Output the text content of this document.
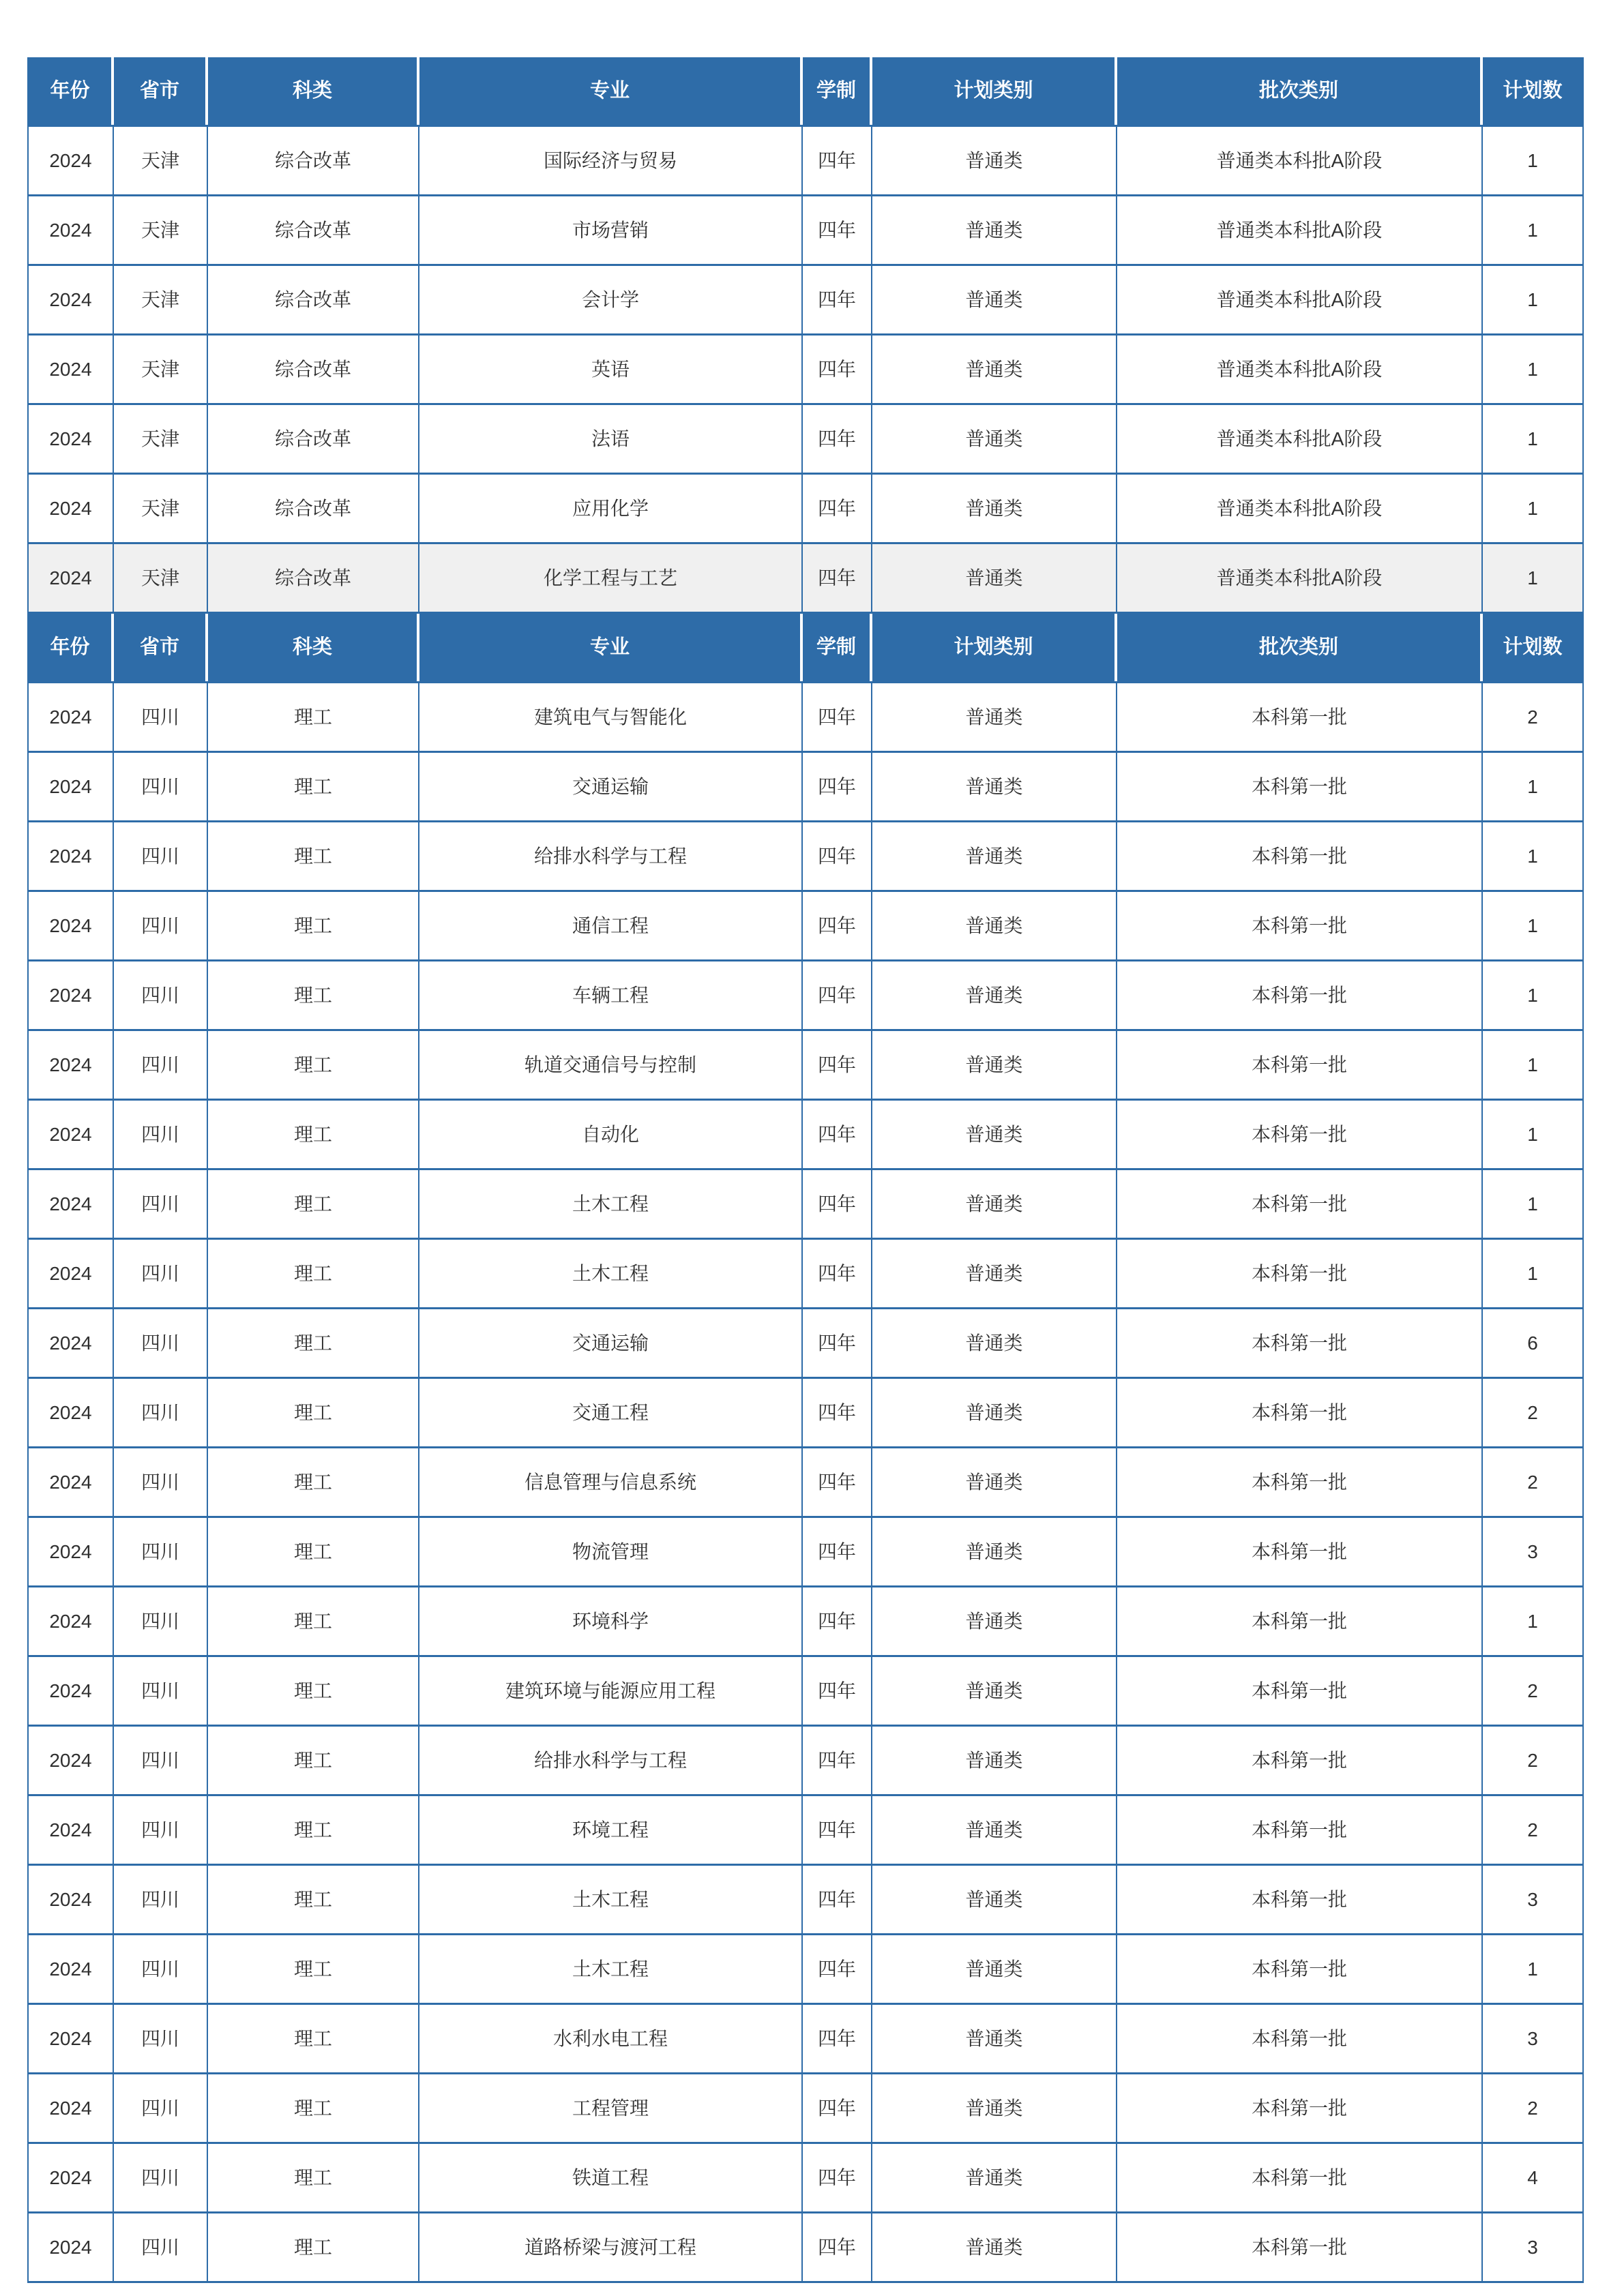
年份	省市	科类	专业	学制	计划类别	批次类别	计划数
2024	天津	综合改革	国际经济与贸易	四年	普通类	普通类本科批A阶段	1
2024	天津	综合改革	市场营销	四年	普通类	普通类本科批A阶段	1
2024	天津	综合改革	会计学	四年	普通类	普通类本科批A阶段	1
2024	天津	综合改革	英语	四年	普通类	普通类本科批A阶段	1
2024	天津	综合改革	法语	四年	普通类	普通类本科批A阶段	1
2024	天津	综合改革	应用化学	四年	普通类	普通类本科批A阶段	1
2024	天津	综合改革	化学工程与工艺	四年	普通类	普通类本科批A阶段	1
年份	省市	科类	专业	学制	计划类别	批次类别	计划数
2024	四川	理工	建筑电气与智能化	四年	普通类	本科第一批	2
2024	四川	理工	交通运输	四年	普通类	本科第一批	1
2024	四川	理工	给排水科学与工程	四年	普通类	本科第一批	1
2024	四川	理工	通信工程	四年	普通类	本科第一批	1
2024	四川	理工	车辆工程	四年	普通类	本科第一批	1
2024	四川	理工	轨道交通信号与控制	四年	普通类	本科第一批	1
2024	四川	理工	自动化	四年	普通类	本科第一批	1
2024	四川	理工	土木工程	四年	普通类	本科第一批	1
2024	四川	理工	土木工程	四年	普通类	本科第一批	1
2024	四川	理工	交通运输	四年	普通类	本科第一批	6
2024	四川	理工	交通工程	四年	普通类	本科第一批	2
2024	四川	理工	信息管理与信息系统	四年	普通类	本科第一批	2
2024	四川	理工	物流管理	四年	普通类	本科第一批	3
2024	四川	理工	环境科学	四年	普通类	本科第一批	1
2024	四川	理工	建筑环境与能源应用工程	四年	普通类	本科第一批	2
2024	四川	理工	给排水科学与工程	四年	普通类	本科第一批	2
2024	四川	理工	环境工程	四年	普通类	本科第一批	2
2024	四川	理工	土木工程	四年	普通类	本科第一批	3
2024	四川	理工	土木工程	四年	普通类	本科第一批	1
2024	四川	理工	水利水电工程	四年	普通类	本科第一批	3
2024	四川	理工	工程管理	四年	普通类	本科第一批	2
2024	四川	理工	铁道工程	四年	普通类	本科第一批	4
2024	四川	理工	道路桥梁与渡河工程	四年	普通类	本科第一批	3
